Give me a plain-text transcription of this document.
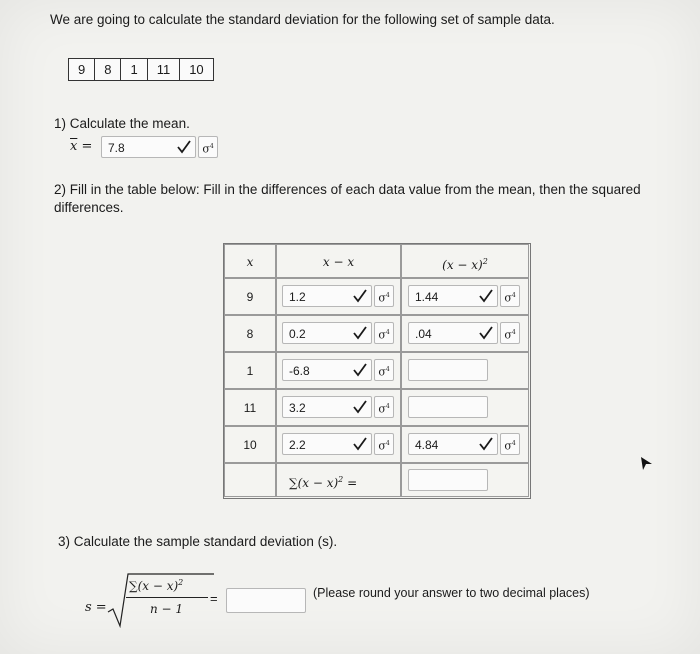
We are going to calculate the standard deviation for the following set of sample data.
9	8	1	11	10
1) Calculate the mean.
$\overline{x}$ =	7.8	$\sigma^4$
2) Fill in the table below: Fill in the differences of each data value from the mean, then the squared differences.
x	x − x	$(x - x)^2$
9	1.2	$\sigma^4$	1.44	$\sigma^4$
8	0.2	$\sigma^4$	.04	$\sigma^4$
1	-6.8	$\sigma^4$
11	3.2	$\sigma^4$
10	2.2	$\sigma^4$	4.84	$\sigma^4$
$\sum(x - x)^2$ =
3) Calculate the sample standard deviation (s).
s =
$\sum(x - x)^2$
n − 1
=	(Please round your answer to two decimal places)
